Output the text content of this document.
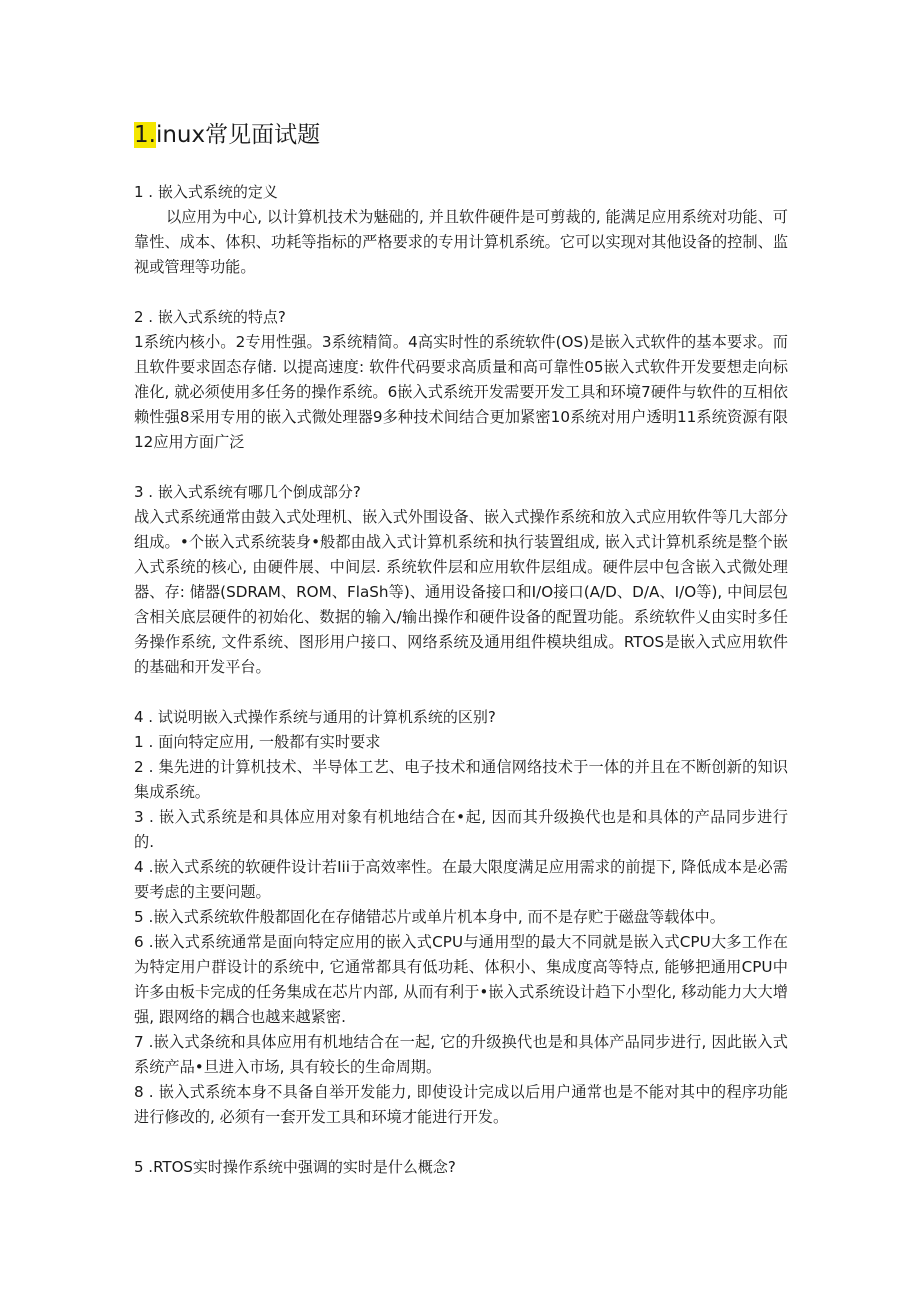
1.inux常见面试题

1 . 嵌入式系统的定义

以应用为中心, 以计算机技术为魅础的, 并且软件硬件是可剪裁的, 能满足应用系统对功能、可靠性、成本、体积、功耗等指标的严格要求的专用计算机系统。它可以实现对其他设备的控制、监视或管理等功能。

2 . 嵌入式系统的特点?

1系统内核小。2专用性强。3系统精简。4高实时性的系统软件(OS)是嵌入式软件的基本要求。而且软件要求固态存储. 以提高速度: 软件代码要求高质量和高可靠性05嵌入式软件开发要想走向标准化, 就必须使用多任务的操作系统。6嵌入式系统开发需要开发工具和环境7硬件与软件的互相依赖性强8采用专用的嵌入式微处理器9多种技术间结合更加紧密10系统对用户透明11系统资源有限12应用方面广泛

3 . 嵌入式系统有哪几个倒成部分?

战入式系统通常由鼓入式处理机、嵌入式外围设备、嵌入式操作系统和放入式应用软件等几大部分组成。•个嵌入式系统装身•般都由战入式计算机系统和执行装置组成, 嵌入式计算机系统是整个嵌入式系统的核心, 由硬件展、中间层. 系统软件层和应用软件层组成。硬件层中包含嵌入式微处理器、存: 储器(SDRAM、ROM、FlaSh等)、通用设备接口和I/O接口(A/D、D/A、I/O等), 中间层包含相关底层硬件的初始化、数据的输入/输出操作和硬件设备的配置功能。系统软件乂由实时多任务操作系统, 文件系统、图形用户接口、网络系统及通用组件模块组成。RTOS是嵌入式应用软件的基础和开发平台。

4 . 试说明嵌入式操作系统与通用的计算机系统的区别?

1 . 面向特定应用, 一般都有实时要求

2 . 集先进的计算机技术、半导体工艺、电子技术和通信网络技术于一体的并且在不断创新的知识集成系统。

3 . 嵌入式系统是和具体应用对象有机地结合在•起, 因而其升级换代也是和具体的产品同步进行的.

4 .嵌入式系统的软硬件设计若Iii于高效率性。在最大限度满足应用需求的前提下, 降低成本是必需要考虑的主要问题。

5 .嵌入式系统软件般都固化在存储错芯片或单片机本身中, 而不是存贮于磁盘等载体中。

6 .嵌入式系统通常是面向特定应用的嵌入式CPU与通用型的最大不同就是嵌入式CPU大多工作在为特定用户群设计的系统中, 它通常都具有低功耗、体积小、集成度高等特点, 能够把通用CPU中许多由板卡完成的任务集成在芯片内部, 从而有利于•嵌入式系统设计趋下小型化, 移动能力大大增强, 跟网络的耦合也越来越紧密.

7 .嵌入式条统和具体应用有机地结合在一起, 它的升级换代也是和具体产品同步进行, 因此嵌入式系统产品•旦进入市场, 具有较长的生命周期。

8 . 嵌入式系统本身不具备自举开发能力, 即使设计完成以后用户通常也是不能对其中的程序功能进行修改的, 必须有一套开发工具和环境才能进行开发。

5 .RTOS实时操作系统中强调的实时是什么概念?
